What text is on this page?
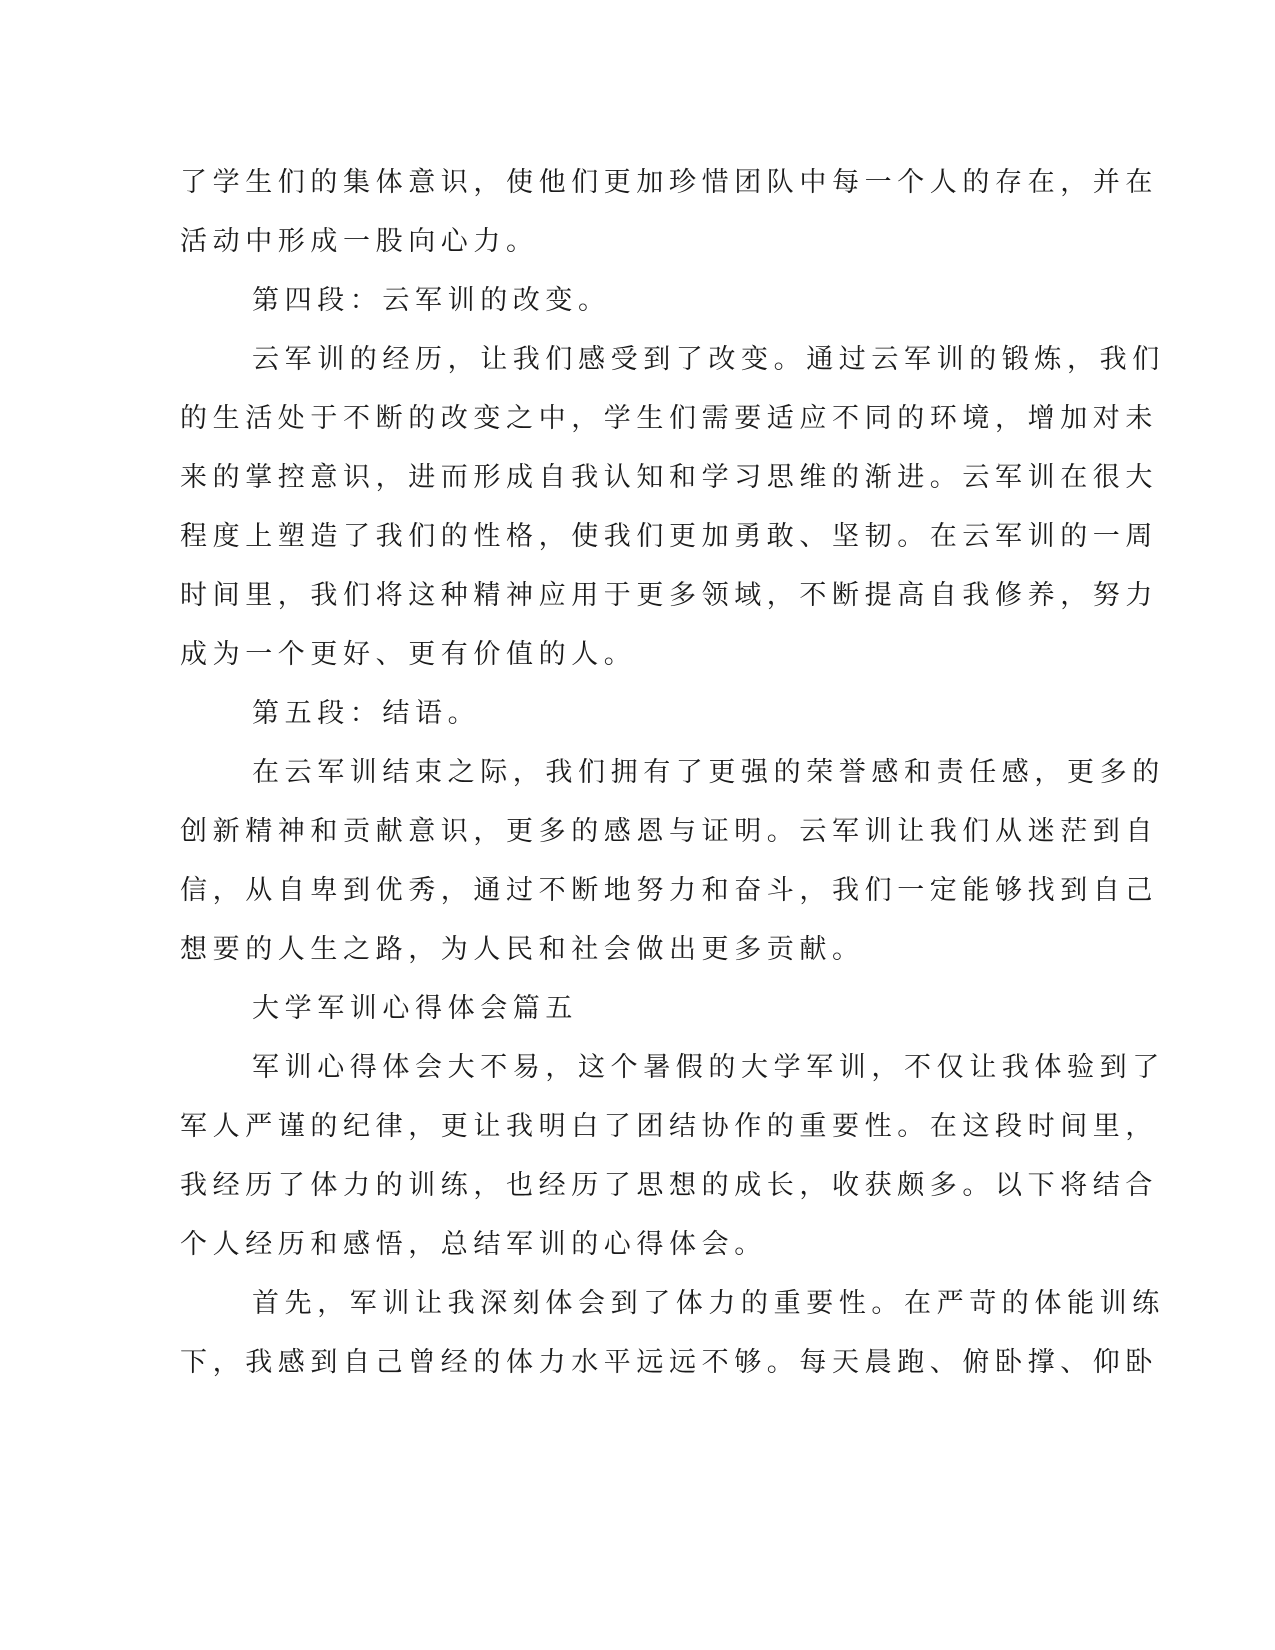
了学生们的集体意识，使他们更加珍惜团队中每一个人的存在，并在
活动中形成一股向心力。
第四段：云军训的改变。
云军训的经历，让我们感受到了改变。通过云军训的锻炼，我们
的生活处于不断的改变之中，学生们需要适应不同的环境，增加对未
来的掌控意识，进而形成自我认知和学习思维的渐进。云军训在很大
程度上塑造了我们的性格，使我们更加勇敢、坚韧。在云军训的一周
时间里，我们将这种精神应用于更多领域，不断提高自我修养，努力
成为一个更好、更有价值的人。
第五段：结语。
在云军训结束之际，我们拥有了更强的荣誉感和责任感，更多的
创新精神和贡献意识，更多的感恩与证明。云军训让我们从迷茫到自
信，从自卑到优秀，通过不断地努力和奋斗，我们一定能够找到自己
想要的人生之路，为人民和社会做出更多贡献。
大学军训心得体会篇五
军训心得体会大不易，这个暑假的大学军训，不仅让我体验到了
军人严谨的纪律，更让我明白了团结协作的重要性。在这段时间里，
我经历了体力的训练，也经历了思想的成长，收获颇多。以下将结合
个人经历和感悟，总结军训的心得体会。
首先，军训让我深刻体会到了体力的重要性。在严苛的体能训练
下，我感到自己曾经的体力水平远远不够。每天晨跑、俯卧撑、仰卧
